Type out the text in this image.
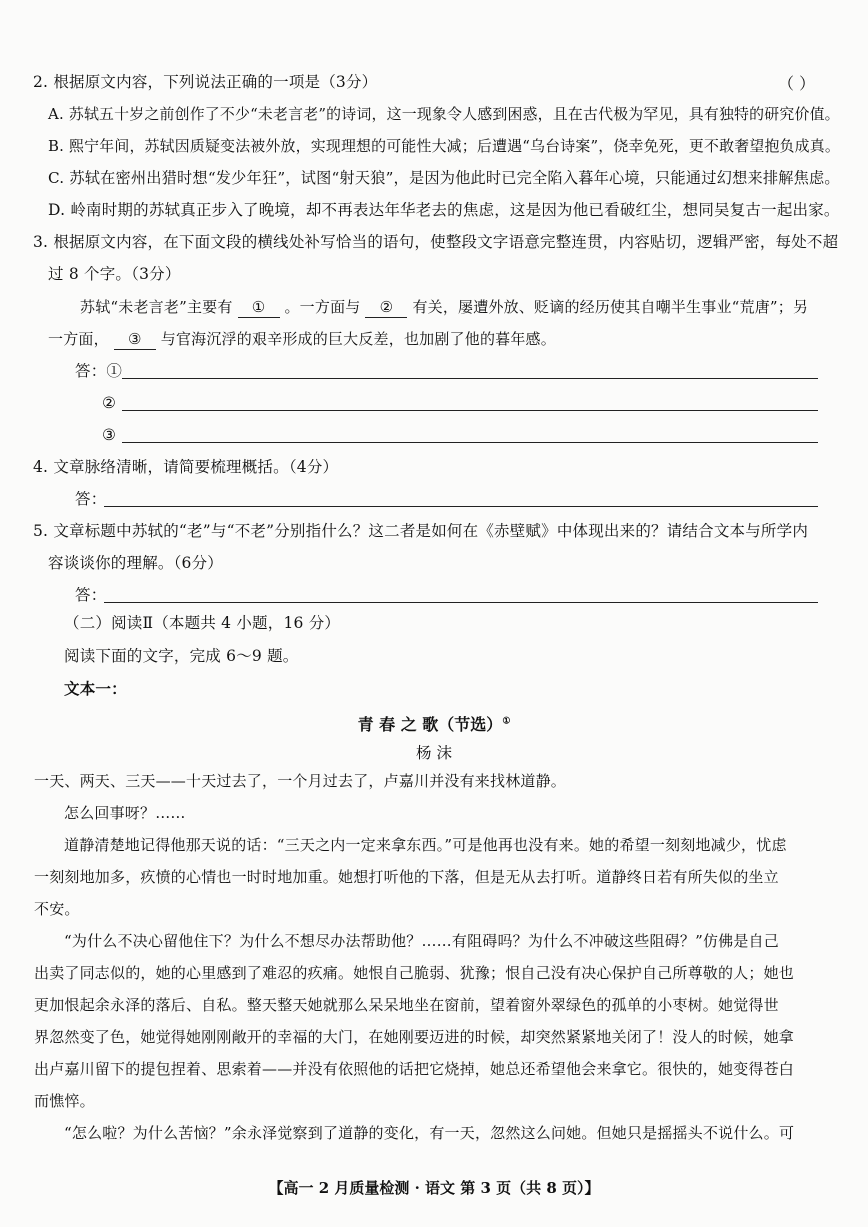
2. 根据原文内容，下列说法正确的一项是（3分）	（ ）
A. 苏轼五十岁之前创作了不少“未老言老”的诗词，这一现象令人感到困惑，且在古代极为罕见，具有独特的研究价值。
B. 熙宁年间，苏轼因质疑变法被外放，实现理想的可能性大减；后遭遇“乌台诗案”，侥幸免死，更不敢奢望抱负成真。
C. 苏轼在密州出猎时想“发少年狂”，试图“射天狼”，是因为他此时已完全陷入暮年心境，只能通过幻想来排解焦虑。
D. 岭南时期的苏轼真正步入了晚境，却不再表达年华老去的焦虑，这是因为他已看破红尘，想同吴复古一起出家。
3. 根据原文内容，在下面文段的横线处补写恰当的语句，使整段文字语意完整连贯，内容贴切，逻辑严密，每处不超
过 8 个字。（3分）
苏轼“未老言老”主要有 ① 。一方面与 ② 有关，屡遭外放、贬谪的经历使其自嘲半生事业“荒唐”；另
一方面， ③ 与官海沉浮的艰辛形成的巨大反差，也加剧了他的暮年感。
答：①
②
③
4. 文章脉络清晰，请简要梳理概括。（4分）
答：
5. 文章标题中苏轼的“老”与“不老”分别指什么？这二者是如何在《赤壁赋》中体现出来的？请结合文本与所学内
容谈谈你的理解。（6分）
答：
（二）阅读Ⅱ（本题共 4 小题，16 分）
阅读下面的文字，完成 6～9 题。
文本一：
青 春 之 歌（节选）①
杨 沫
一天、两天、三天——十天过去了，一个月过去了，卢嘉川并没有来找林道静。
怎么回事呀？……
道静清楚地记得他那天说的话：“三天之内一定来拿东西。”可是他再也没有来。她的希望一刻刻地减少，忧虑
一刻刻地加多，疚愤的心情也一时时地加重。她想打听他的下落，但是无从去打听。道静终日若有所失似的坐立
不安。
“为什么不决心留他住下？为什么不想尽办法帮助他？……有阻碍吗？为什么不冲破这些阻碍？”仿佛是自己
出卖了同志似的，她的心里感到了难忍的疚痛。她恨自己脆弱、犹豫；恨自己没有决心保护自己所尊敬的人；她也
更加恨起余永泽的落后、自私。整天整天她就那么呆呆地坐在窗前，望着窗外翠绿色的孤单的小枣树。她觉得世
界忽然变了色，她觉得她刚刚敞开的幸福的大门，在她刚要迈进的时候，却突然紧紧地关闭了！没人的时候，她拿
出卢嘉川留下的提包捏着、思索着——并没有依照他的话把它烧掉，她总还希望他会来拿它。很快的，她变得苍白
而憔悴。
“怎么啦？为什么苦恼？”余永泽觉察到了道静的变化，有一天，忽然这么问她。但她只是摇摇头不说什么。可
【高一 2 月质量检测 · 语文 第 3 页（共 8 页）】
